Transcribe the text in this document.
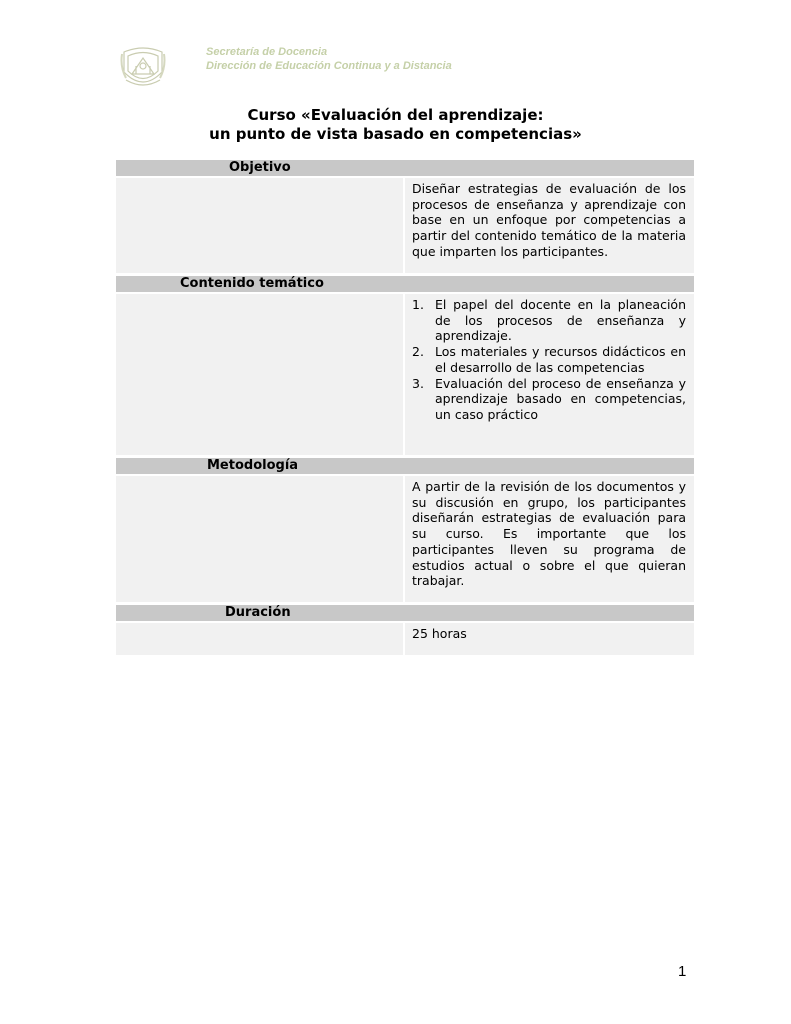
Secretaría de Docencia
Dirección de Educación Continua y a Distancia
Curso «Evaluación del aprendizaje:
un punto de vista basado en competencias»
Objetivo
Diseñar estrategias de evaluación de los procesos de enseñanza y aprendizaje con base en un enfoque por competencias a partir del contenido temático de la materia que imparten los participantes.
Contenido temático
1. El papel del docente en la planeación de los procesos de enseñanza y aprendizaje.
2. Los materiales y recursos didácticos en el desarrollo de las competencias
3. Evaluación del proceso de enseñanza y aprendizaje basado en competencias, un caso práctico
Metodología
A partir de la revisión de los documentos y su discusión en grupo, los participantes diseñarán estrategias de evaluación para su curso. Es importante que los participantes lleven su programa de estudios actual o sobre el que quieran trabajar.
Duración
25 horas
1
